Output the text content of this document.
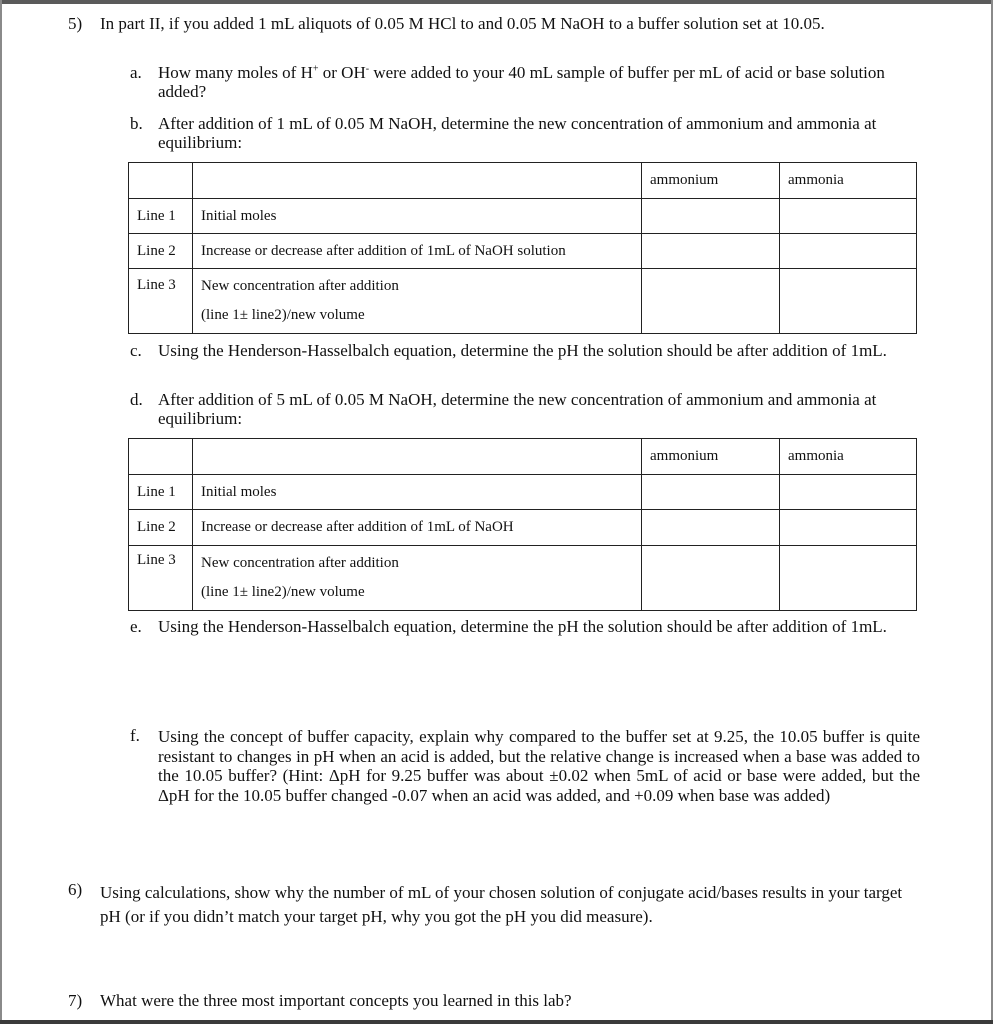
5) In part II, if you added 1 mL aliquots of 0.05 M HCl to and 0.05 M NaOH to a buffer solution set at 10.05.
a. How many moles of H+ or OH- were added to your 40 mL sample of buffer per mL of acid or base solution added?
b. After addition of 1 mL of 0.05 M NaOH, determine the new concentration of ammonium and ammonia at equilibrium:
		ammonium	ammonia
Line 1	Initial moles		
Line 2	Increase or decrease after addition of 1mL of NaOH solution		
Line 3	New concentration after addition
(line 1± line2)/new volume		

c. Using the Henderson-Hasselbalch equation, determine the pH the solution should be after addition of 1mL.
d. After addition of 5 mL of 0.05 M NaOH, determine the new concentration of ammonium and ammonia at equilibrium:
		ammonium	ammonia
Line 1	Initial moles		
Line 2	Increase or decrease after addition of 1mL of NaOH		
Line 3	New concentration after addition
(line 1± line2)/new volume		

e. Using the Henderson-Hasselbalch equation, determine the pH the solution should be after addition of 1mL.
f. Using the concept of buffer capacity, explain why compared to the buffer set at 9.25, the 10.05 buffer is quite resistant to changes in pH when an acid is added, but the relative change is increased when a base was added to the 10.05 buffer? (Hint: ΔpH for 9.25 buffer was about ±0.02 when 5mL of acid or base were added, but the ΔpH for the 10.05 buffer changed -0.07 when an acid was added, and +0.09 when base was added)
6) Using calculations, show why the number of mL of your chosen solution of conjugate acid/bases results in your target pH (or if you didn’t match your target pH, why you got the pH you did measure).
7) What were the three most important concepts you learned in this lab?
